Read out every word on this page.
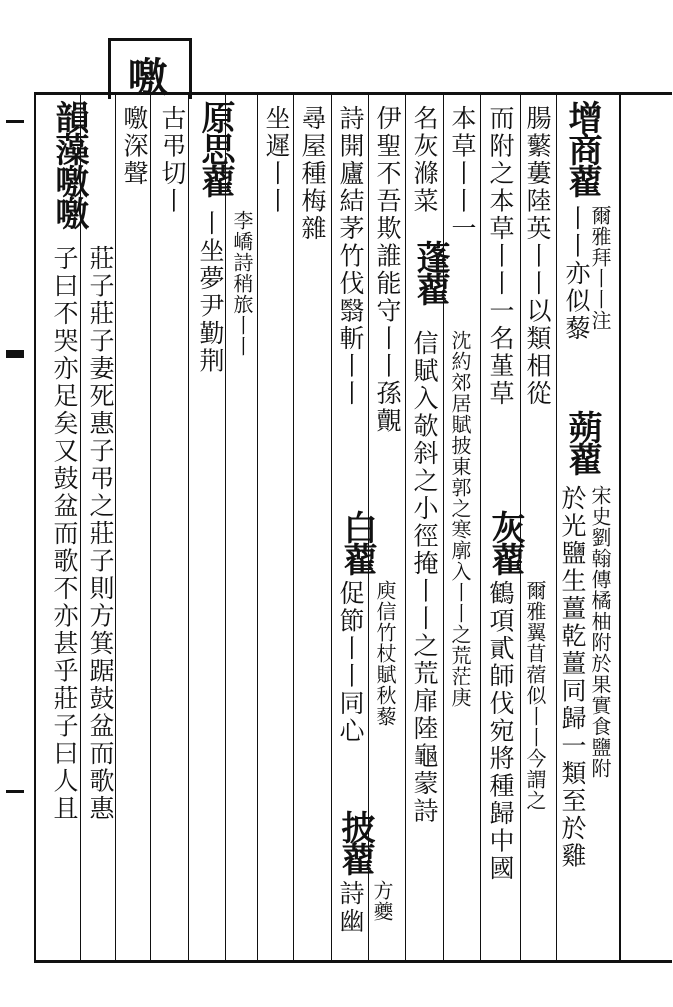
噭
增商藋
爾雅拜丨丨注
蒴藋
宋史劉翰傳橘柚附於果實食鹽附
丨丨亦似藜
於光鹽生薑乾薑同歸一類至於雞
腸蘩蔞陸英丨丨以類相從
灰藋
爾雅翼苜蓿似丨丨今謂之
而附之本草丨丨一名堇草
鶴項貳師伐宛將種歸中國
本草丨丨一
蓬藋
沈約郊居賦披東郭之寒廓入丨丨之荒茫庚
名灰滌菜
信賦入欹斜之小徑掩丨丨之荒扉陸龜蒙詩
伊聖不吾欺誰能守丨丨孫覿
白藋
庾信竹杖賦秋藜
詩開廬結茅竹伐翳斬丨丨
促節丨丨同心
披藋
方夔
尋屋種梅雜
詩幽
坐遲丨丨
原思藋
李嶠詩稍旅丨丨
丨坐夢尹勤荆
古弔切丨
噭深聲
韻藻噭噭
莊子莊子妻死惠子弔之莊子則方箕踞鼓盆而歌惠
子曰不哭亦足矣又鼓盆而歌不亦甚乎莊子曰人且
